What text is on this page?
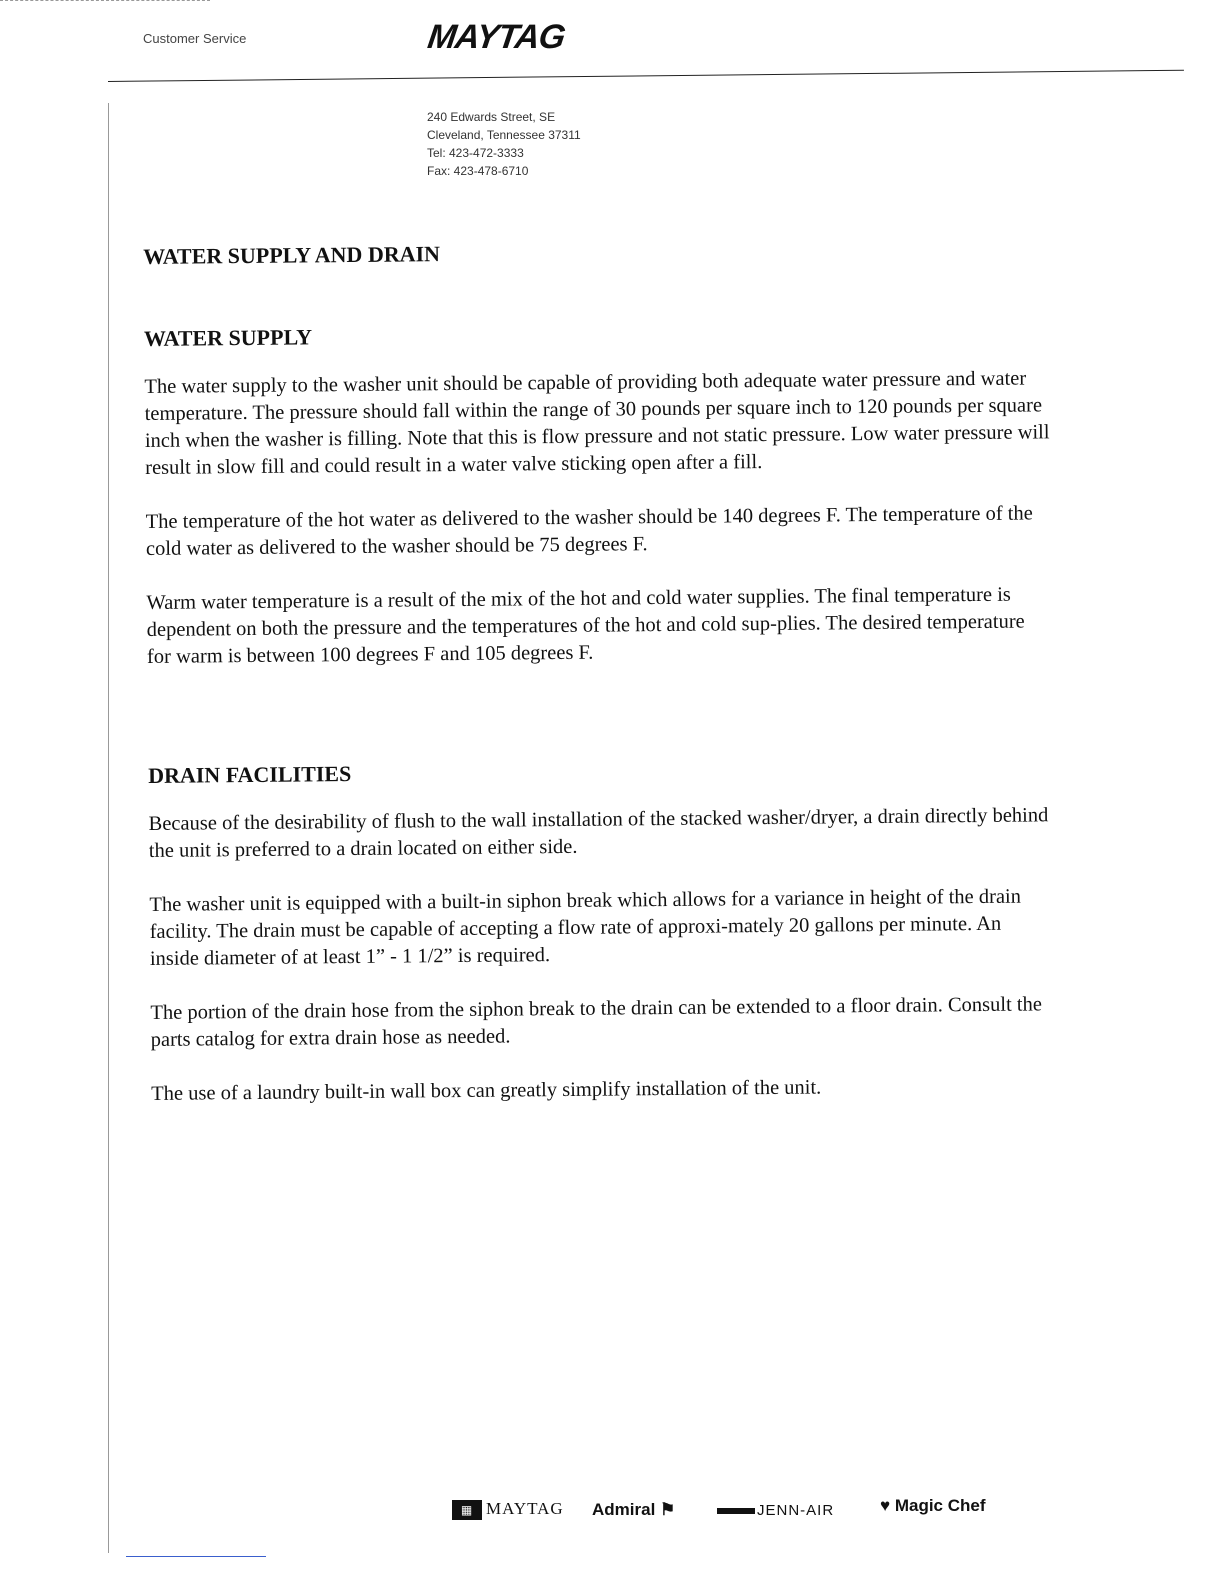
Customer Service	MAYTAG
240 Edwards Street, SE
Cleveland, Tennessee 37311
Tel: 423-472-3333
Fax: 423-478-6710
WATER SUPPLY AND DRAIN
WATER SUPPLY

The water supply to the washer unit should be capable of providing both adequate water pressure and water temperature. The pressure should fall within the range of 30 pounds per square inch to 120 pounds per square inch when the washer is filling. Note that this is flow pressure and not static pressure. Low water pressure will result in slow fill and could result in a water valve sticking open after a fill.

The temperature of the hot water as delivered to the washer should be 140 degrees F. The temperature of the cold water as delivered to the washer should be 75 degrees F.

Warm water temperature is a result of the mix of the hot and cold water supplies. The final temperature is dependent on both the pressure and the temperatures of the hot and cold sup-plies. The desired temperature for warm is between 100 degrees F and 105 degrees F.

DRAIN FACILITIES

Because of the desirability of flush to the wall installation of the stacked washer/dryer, a drain directly behind the unit is preferred to a drain located on either side.

The washer unit is equipped with a built-in siphon break which allows for a variance in height of the drain facility. The drain must be capable of accepting a flow rate of approxi-mately 20 gallons per minute. An inside diameter of at least 1” - 1 1/2” is required.

The portion of the drain hose from the siphon break to the drain can be extended to a floor drain. Consult the parts catalog for extra drain hose as needed.

The use of a laundry built-in wall box can greatly simplify installation of the unit.

▦ MAYTAG Admiral ⚑	JENN-AIR	♥ Magic Chef
